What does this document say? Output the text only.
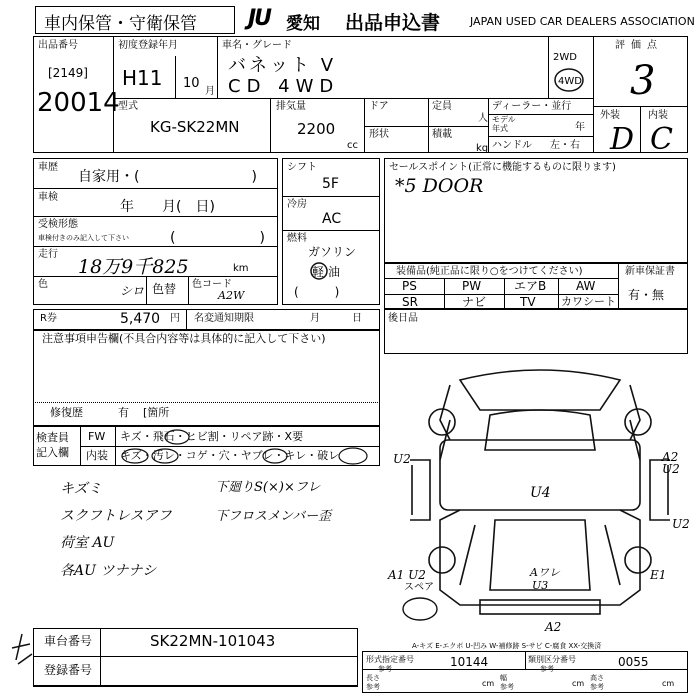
車内保管・守衛保管 JU 愛知 出品申込書	JAPAN USED CAR DEALERS ASSOCIATION
出品番号
[2149]
20014
初度登録年月
H11 10
月
車名・グレード
バネット V
CD 4WD
2WD
4WD
型式
KG-SK22MN
排気量
2200
cc
ドア	定員
人
形状	積載
kg
ディーラー・並行
モデル
年式	年
ハンドル 左・右
評価点
3
外装	内装
D C
車歴
自家用・(　　　　　　　　)
車検
年　　月(　日)
受検形態
車検付きのみ記入して下さい	(　　　　　　)
走行
18万9千825	km
色	シロ 色替 色コード
A2W
シフト
5F
冷房
AC
燃料
ガソリン
軽油
(　　　)
セールスポイント(正常に機能するものに限ります)
*5 DOOR
装備品(純正品に限り○をつけてください)	新車保証書
有・無
PS	PW	エアB AW
SR	ナビ	TV カワシート
R券	5,470 円 名変通知期限	月	日	後日品
注意事項申告欄(不具合内容等は具体的に記入して下さい)
修復歴	有 [箇所
検査員
記入欄
FW キズ・飛石・ヒビ割・リペア跡・X要
内装 キズ・汚レ・コゲ・穴・ヤブレ・キレ・破レ
キズミ
スクフトレスアフ
荷室 AU
各AU ツナナシ
下廻りS(×)×フレ
下フロスメンバー歪
U2	A2
U2
U2
U4
A1 U2	Aワレ
U3
E1
A2
スペア
A-キズ E-エクボ U-凹み W-補修跡 S-サビ C-腐食 XX-交換済
車台番号	SK22MN-101043
登録番号
形式指定番号
参考	10144	類別区分番号
参考	0055
長さ
参考	cm
幅
参考	cm
高さ
参考	cm
